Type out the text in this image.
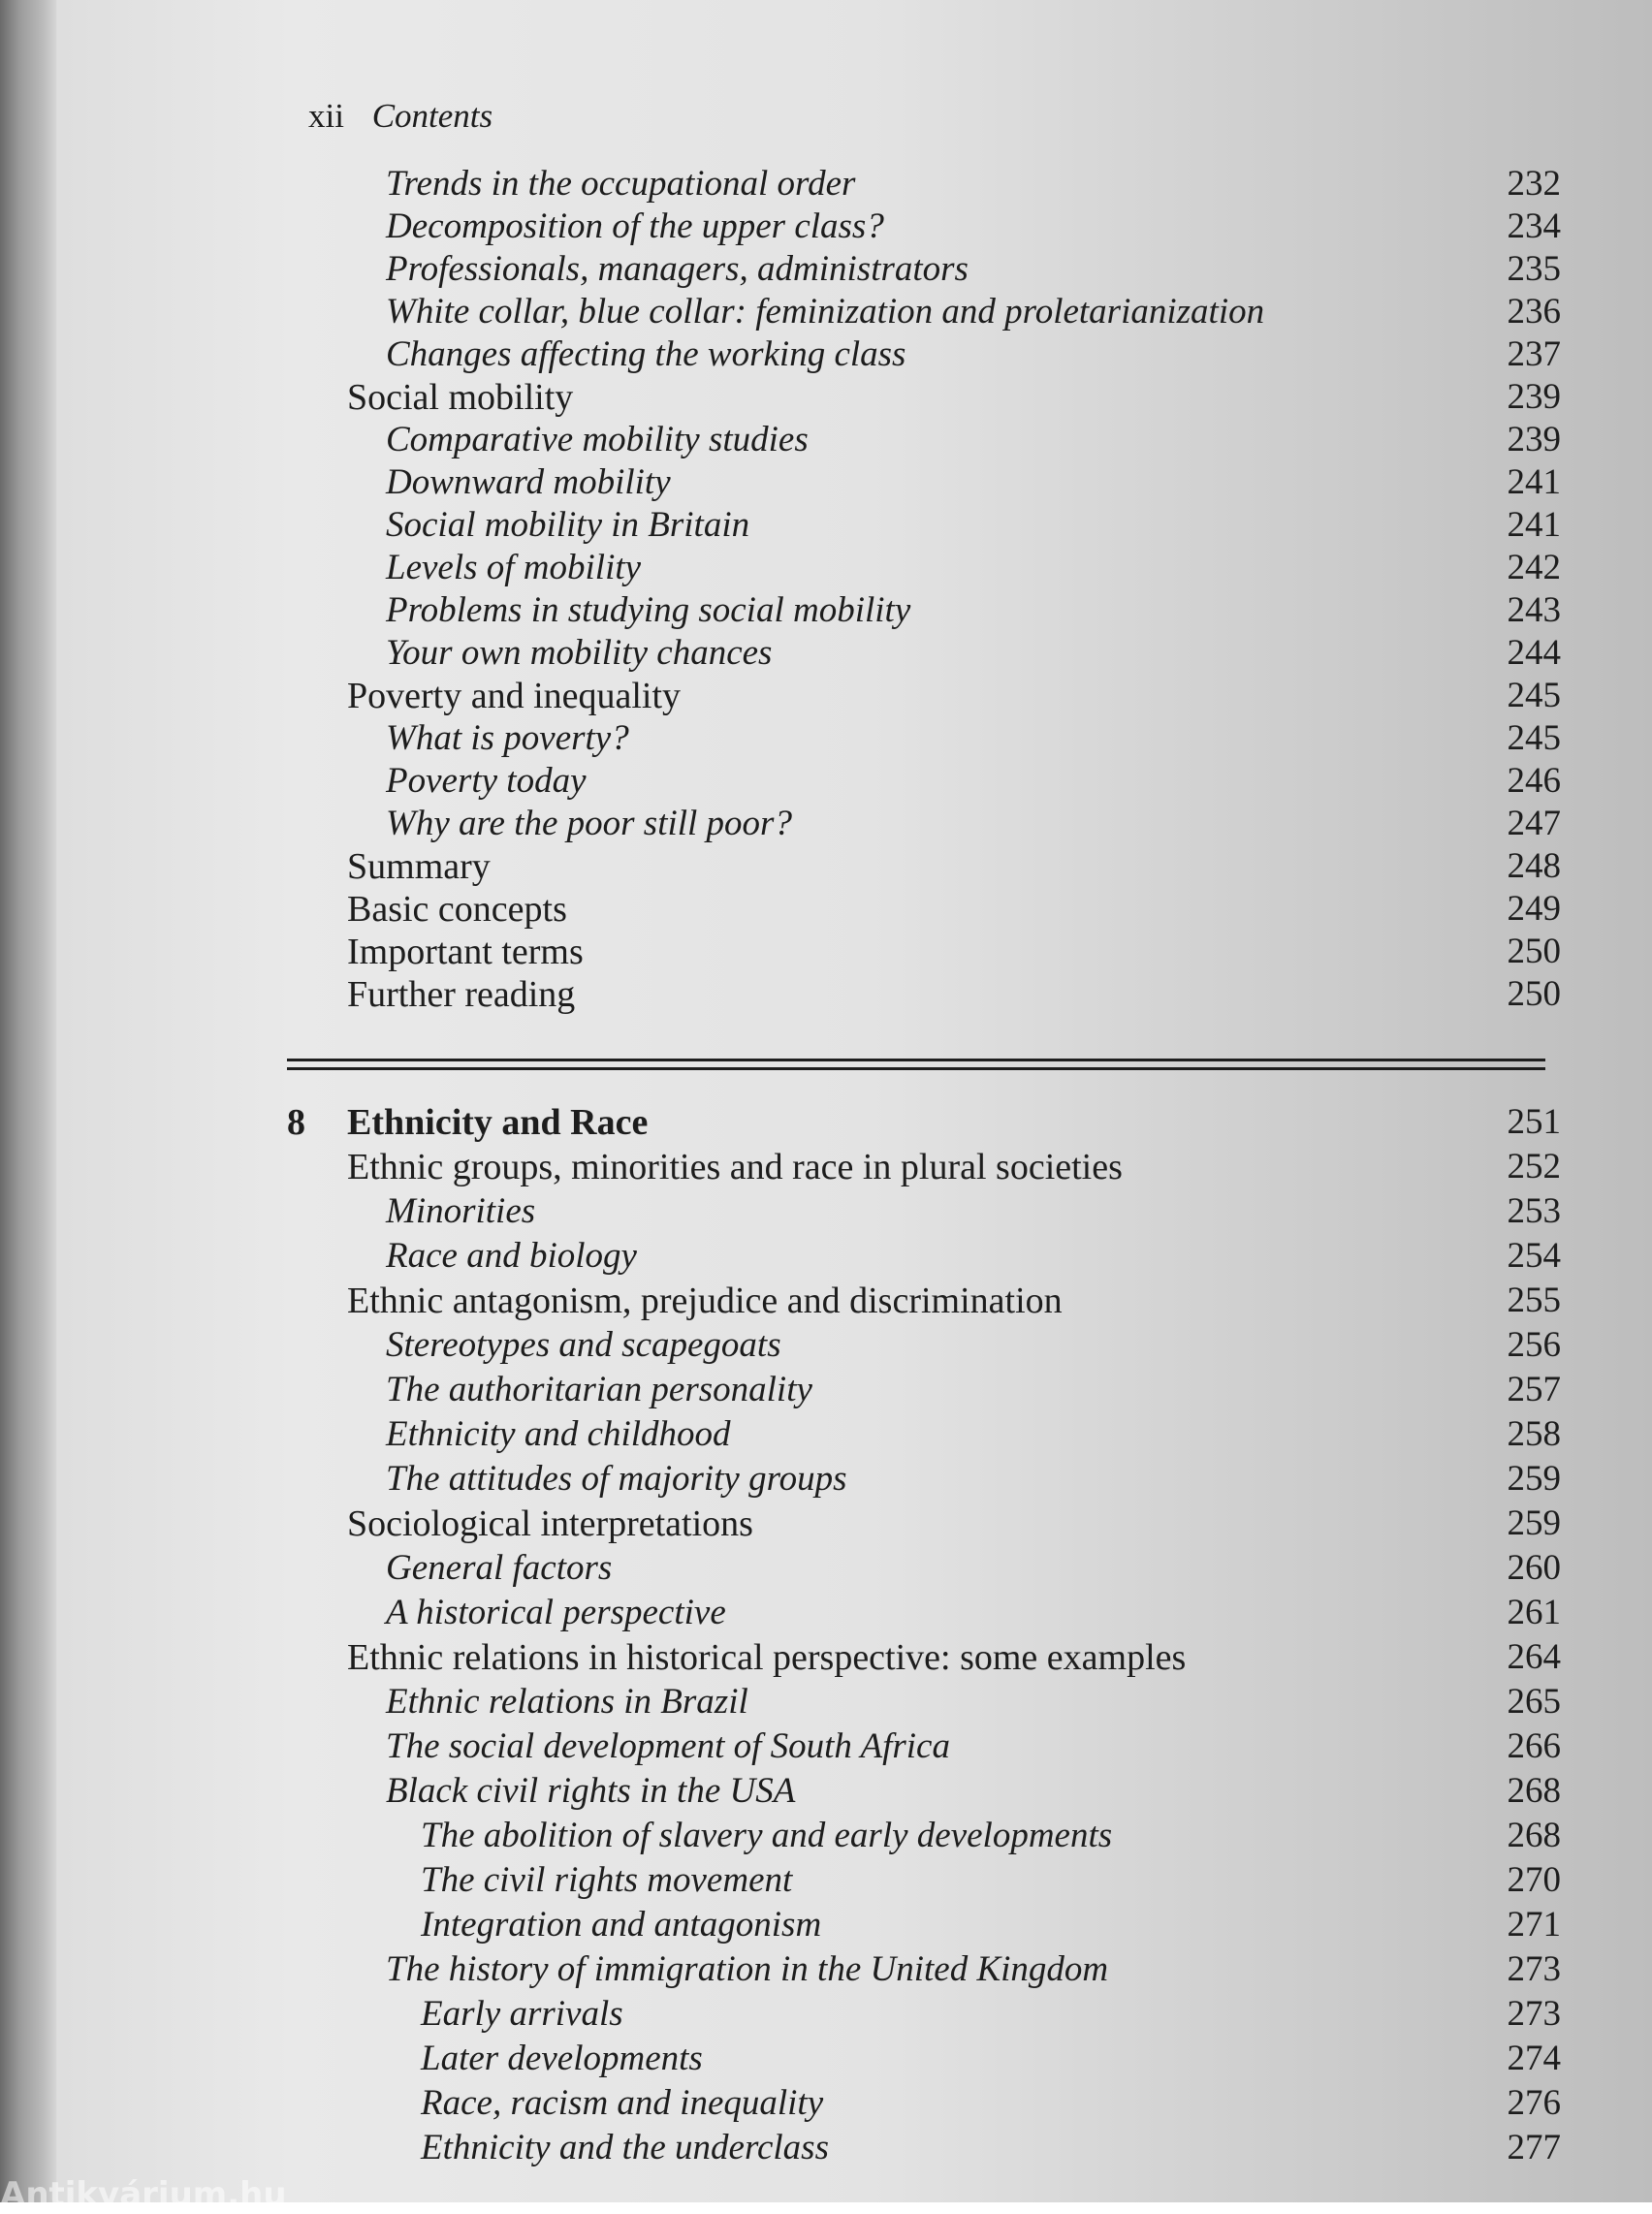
xii Contents
Trends in the occupational order	232
Decomposition of the upper class?	234
Professionals, managers, administrators	235
White collar, blue collar: feminization and proletarianization	236
Changes affecting the working class	237
Social mobility	239
Comparative mobility studies	239
Downward mobility	241
Social mobility in Britain	241
Levels of mobility	242
Problems in studying social mobility	243
Your own mobility chances	244
Poverty and inequality	245
What is poverty?	245
Poverty today	246
Why are the poor still poor?	247
Summary	248
Basic concepts	249
Important terms	250
Further reading	250
8 Ethnicity and Race	251
Ethnic groups, minorities and race in plural societies	252
Minorities	253
Race and biology	254
Ethnic antagonism, prejudice and discrimination	255
Stereotypes and scapegoats	256
The authoritarian personality	257
Ethnicity and childhood	258
The attitudes of majority groups	259
Sociological interpretations	259
General factors	260
A historical perspective	261
Ethnic relations in historical perspective: some examples	264
Ethnic relations in Brazil	265
The social development of South Africa	266
Black civil rights in the USA	268
The abolition of slavery and early developments	268
The civil rights movement	270
Integration and antagonism	271
The history of immigration in the United Kingdom	273
Early arrivals	273
Later developments	274
Race, racism and inequality	276
Ethnicity and the underclass	277
Antikvárium.hu
